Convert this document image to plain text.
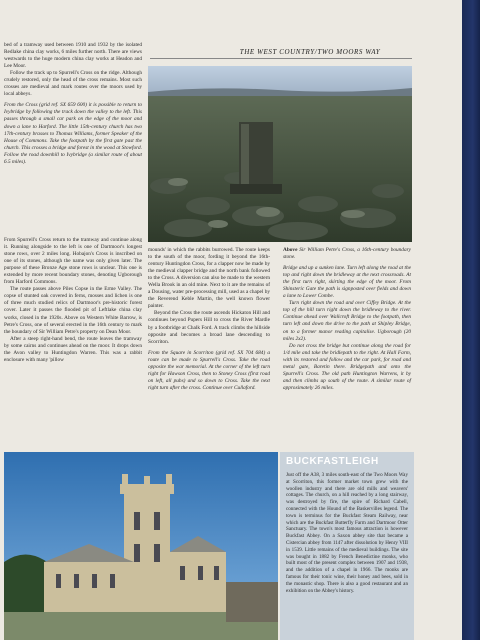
THE WEST COUNTRY/TWO MOORS WAY

bed of a tramway used between 1910 and 1932 by the isolated Redlake china clay works, 6 miles further north. There are views westwards to the huge modern china clay works at Headon and Lee Moor.

Follow the track up to Spurrell's Cross on the ridge. Although crudely restored, only the head of the cross remains. Most such crosses are medieval and mark routes over the moors used by local abbeys.

From the Cross (grid ref. SX 659 600) it is possible to return to Ivybridge by following the track down the valley to the left. This passes through a small car park on the edge of the moor and down a lane to Harford. The little 15th-century church has two 17th-century brasses to Thomas Williams, former Speaker of the House of Commons. Take the footpath by the first gate past the church. This crosses a bridge and forest in the wood at Stowford. Follow the road downhill to Ivybridge (a similar route of about 6.5 miles).

From Spurrell's Cross return to the tramway and continue along it. Running alongside to the left is one of Dartmoor's longest stone rows, over 2 miles long. Hobajon's Cross is inscribed on one of its stones, although the name was only given later. The purpose of these Bronze Age stone rows is unclear. This one is extended by more recent boundary stones, denoting Ugborough from Harford Commons.

The route passes above Piles Copse in the Erme Valley. The copse of stunted oak covered in ferns, mosses and lichen is one of three much studied relics of Dartmoor's pre-historic forest cover. Later it passes the flooded pit of Leftlake china clay works, closed in the 1920s. Above on Western White Barrow, is Petre's Cross, one of several erected in the 16th century to mark the boundary of Sir William Petre's property on Dean Moor.

After a steep right-hand bend, the route leaves the tramway by some cairns and continues ahead on the moor. It drops down the Avon valley to Huntingdon Warren. This was a rabbit enclosure with many 'pillow

mounds' in which the rabbits burrowed. The route keeps to the south of the moor, fording it beyond the 16th-century Huntingdon Cross, for a clapper now be made by the medieval clapper bridge and the north bank followed to the Cross. A diversion can also be made to the western Wella Brook in an old mine. Next to it are the remains of a Dousing, water pre-processing mill, used as a chapel by the Reverend Keble Martin, the well known flower painter.

Beyond the Cross the route ascends Hickaton Hill and continues beyond Pupers Hill to cross the River Mardle by a footbridge at Chalk Ford. A track climbs the hillside opposite and becomes a broad lane descending to Scorriton.

From the Square in Scorriton (grid ref. SX 704 684) a route can be made to Spurrell's Cross. Take the road opposite the war memorial. At the corner of the left turn right for Hawson Cross, then to Stoney Cross (first road on left, all pubs) and so down to Cross. Take the next right turn after the cross. Continue over Cullaford.

Above Sir William Petre's Cross, a 16th-century boundary stone.

Bridge and up a sunken lane. Turn left along the road at the top and right down the bridleway at the next crossroads. At the first turn right, skirting the edge of the moor. From Shinsteric Gate the path is signposted over fields and down a lane to Lower Combe.

Turn right down the road and over Ciffey Bridge. At the top of the hill turn right down the bridleway to the river. Continue ahead over Wallcroft Bridge to the footpath, then turn left and down the drive to the path at Shipley Bridge, on to a former manor reading capitalise. Ugborough (20 miles 2x2).

Do not cross the bridge but continue along the road for 1/4 mile and take the bridlepath to the right. At Hall Farm, with its restored and follow and the car park, for road and metal gate, Baretin there. Bridgepath and onto the Spurrell's Cross. The old path Huntington Warrens, it by and then climbs up south of the route. A similar route of approximately 26 miles.

BUCKFASTLEIGH

Just off the A38, 3 miles south-east of the Two Moors Way at Scorriton, this former market town grew with the woollen industry and there are old mills and weavers' cottages. The church, on a hill reached by a long stairway, was destroyed by fire, the spire of Richard Cabell, connected with the Hound of the Baskervilles legend. The town is terminus for the Buckfast Steam Railway, near which are the Buckfast Butterfly Farm and Dartmoor Otter Sanctuary. The town's most famous attraction is however Buckfast Abbey. On a Saxon abbey site that became a Cistercian abbey from 1147 after dissolution by Henry VIII in 1539. Little remains of the medieval buildings. The site was bought in 1882 by French Benedictine monks, who built most of the present complex between 1907 and 1938, and the addition of a chapel in 1966. The monks are famous for their tonic wine, their honey and bees, sold in the monastic shop. There is also a good restaurant and an exhibition on the Abbey's history.
